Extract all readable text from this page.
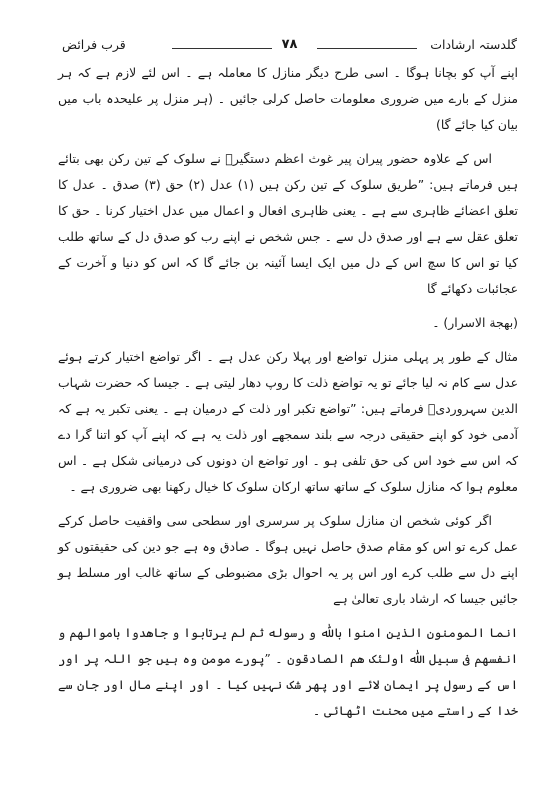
گلدستہ ارشادات
۷۸
قرب فرائض

اپنے آپ کو بچانا ہوگا ۔ اسی طرح دیگر منازل کا معاملہ ہے ۔ اس لئے لازم ہے کہ ہر منزل کے بارے میں ضروری معلومات حاصل کرلی جائیں ۔ (ہر منزل پر علیحدہ باب میں بیان کیا جائے گا)

اس کے علاوہ حضور پیران پیر غوث اعظم دستگیرؒ نے سلوک کے تین رکن بھی بتائے ہیں فرماتے ہیں: ”طریق سلوک کے تین رکن ہیں (۱) عدل (۲) حق (۳) صدق ۔ عدل کا تعلق اعضائے ظاہری سے ہے ۔ یعنی ظاہری افعال و اعمال میں عدل اختیار کرنا ۔ حق کا تعلق عقل سے ہے اور صدق دل سے ۔ جس شخص نے اپنے رب کو صدق دل کے ساتھ طلب کیا تو اس کا سچ اس کے دل میں ایک ایسا آئینہ بن جائے گا کہ اس کو دنیا و آخرت کے عجائبات دکھائے گا

(بهجة الاسرار) ۔

مثال کے طور پر پہلی منزل تواضع اور پہلا رکن عدل ہے ۔ اگر تواضع اختیار کرتے ہوئے عدل سے کام نہ لیا جائے تو یہ تواضع ذلت کا روپ دھار لیتی ہے ۔ جیسا کہ حضرت شہاب الدین سہروردیؒ فرماتے ہیں: ”تواضع تکبر اور ذلت کے درمیان ہے ۔ یعنی تکبر یہ ہے کہ آدمی خود کو اپنے حقیقی درجہ سے بلند سمجھے اور ذلت یہ ہے کہ اپنے آپ کو اتنا گرا دے کہ اس سے خود اس کی حق تلفی ہو ۔ اور تواضع ان دونوں کی درمیانی شکل ہے ۔ اس معلوم ہوا کہ منازل سلوک کے ساتھ ساتھ ارکان سلوک کا خیال رکھنا بھی ضروری ہے ۔

اگر کوئی شخص ان منازل سلوک پر سرسری اور سطحی سی واقفیت حاصل کرکے عمل کرے تو اس کو مقام صدق حاصل نہیں ہوگا ۔ صادق وہ ہے جو دین کی حقیقتوں کو اپنے دل سے طلب کرے اور اس پر یہ احوال بڑی مضبوطی کے ساتھ غالب اور مسلط ہو جائیں جیسا کہ ارشاد باری تعالیٰ ہے

انما المومنون الذین امنوا باللّٰه و رسوله ثم لم یرتابوا و جاهدوا باموالهم و انفسهم فی سبیل اللّٰه اولئک هم الصادقون ۔ ”پورے مومن وہ ہیں جو اللہ پر اور اس کے رسول پر ایمان لائے اور پھر شک نہیں کیا ۔ اور اپنے مال اور جان سے خدا کے راستے میں محنت اٹھائی ۔
